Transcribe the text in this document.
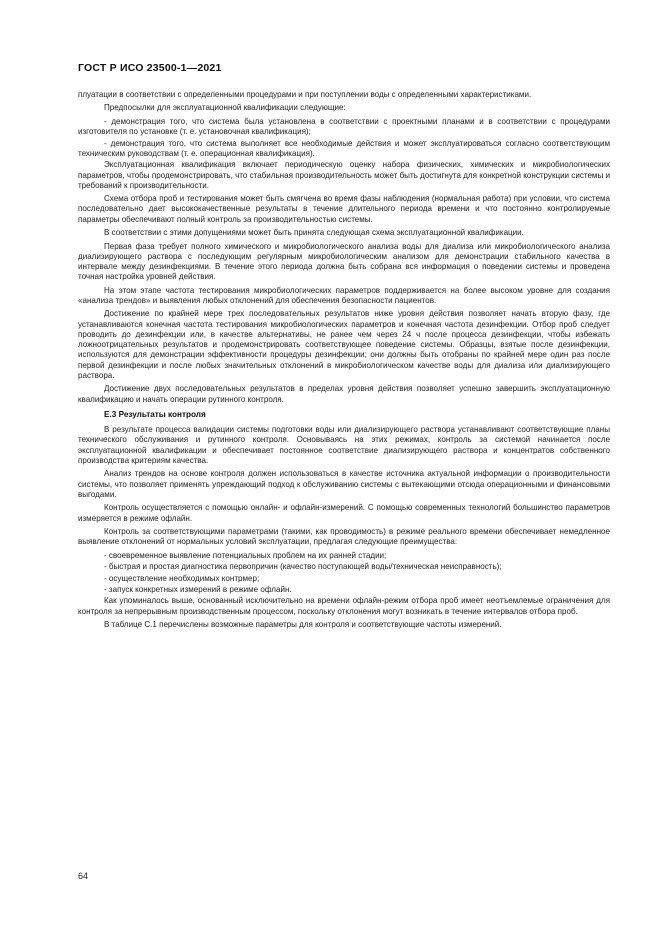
ГОСТ Р ИСО 23500-1—2021

плуатации в соответствии с определенными процедурами и при поступлении воды с определенными характеристиками.

Предпосылки для эксплуатационной квалификации следующие:

- демонстрация того, что система была установлена в соответствии с проектными планами и в соответствии с процедурами изготовителя по установке (т. е. установочная квалификация);

- демонстрация того, что система выполняет все необходимые действия и может эксплуатироваться согласно соответствующим техническим руководствам (т. е. операционная квалификация).

Эксплуатационная квалификация включает периодическую оценку набора физических, химических и микробиологических параметров, чтобы продемонстрировать, что стабильная производительность может быть достигнута для конкретной конструкции системы и требований к производительности.

Схема отбора проб и тестирования может быть смягчена во время фазы наблюдения (нормальная работа) при условии, что система последовательно дает высококачественные результаты в течение длительного периода времени и что постоянно контролируемые параметры обеспечивают полный контроль за производительностью системы.

В соответствии с этими допущениями может быть принята следующая схема эксплуатационной квалификации.

Первая фаза требует полного химического и микробиологического анализа воды для диализа или микробиологического анализа диализирующего раствора с последующим регулярным микробиологическим анализом для демонстрации стабильного качества в интервале между дезинфекциями. В течение этого периода должна быть собрана вся информация о поведении системы и проведена точная настройка уровней действия.

На этом этапе частота тестирования микробиологических параметров поддерживается на более высоком уровне для создания «анализа трендов» и выявления любых отклонений для обеспечения безопасности пациентов.

Достижение по крайней мере трех последовательных результатов ниже уровня действия позволяет начать вторую фазу, где устанавливаются конечная частота тестирования микробиологических параметров и конечная частота дезинфекции. Отбор проб следует проводить до дезинфекции или, в качестве альтернативы, не ранее чем через 24 ч после процесса дезинфекции, чтобы избежать ложноотрицательных результатов и продемонстрировать соответствующее поведение системы. Образцы, взятые после дезинфекции, используются для демонстрации эффективности процедуры дезинфекции; они должны быть отобраны по крайней мере один раз после первой дезинфекции и после любых значительных отклонений в микробиологическом качестве воды для диализа или диализирующего раствора.

Достижение двух последовательных результатов в пределах уровня действия позволяет успешно завершить эксплуатационную квалификацию и начать операции рутинного контроля.

Е.3 Результаты контроля

В результате процесса валидации системы подготовки воды или диализирующего раствора устанавливают соответствующие планы технического обслуживания и рутинного контроля. Основываясь на этих режимах, контроль за системой начинается после эксплуатационной квалификации и обеспечивает постоянное соответствие диализирующего раствора и концентратов собственного производства критериям качества.

Анализ трендов на основе контроля должен использоваться в качестве источника актуальной информации о производительности системы, что позволяет применять упреждающий подход к обслуживанию системы с вытекающими отсюда операционными и финансовыми выгодами.

Контроль осуществляется с помощью онлайн- и офлайн-измерений. С помощью современных технологий большинство параметров измеряется в режиме офлайн.

Контроль за соответствующими параметрами (такими, как проводимость) в режиме реального времени обеспечивает немедленное выявление отклонений от нормальных условий эксплуатации, предлагая следующие преимущества:

- своевременное выявление потенциальных проблем на их ранней стадии;

- быстрая и простая диагностика первопричин (качество поступающей воды/техническая неисправность);

- осуществление необходимых контрмер;

- запуск конкретных измерений в режиме офлайн.

Как упоминалось выше, основанный исключительно на времени офлайн-режим отбора проб имеет неотъемлемые ограничения для контроля за непрерывным производственным процессом, поскольку отклонения могут возникать в течение интервалов отбора проб.

В таблице С.1 перечислены возможные параметры для контроля и соответствующие частоты измерений.

64
